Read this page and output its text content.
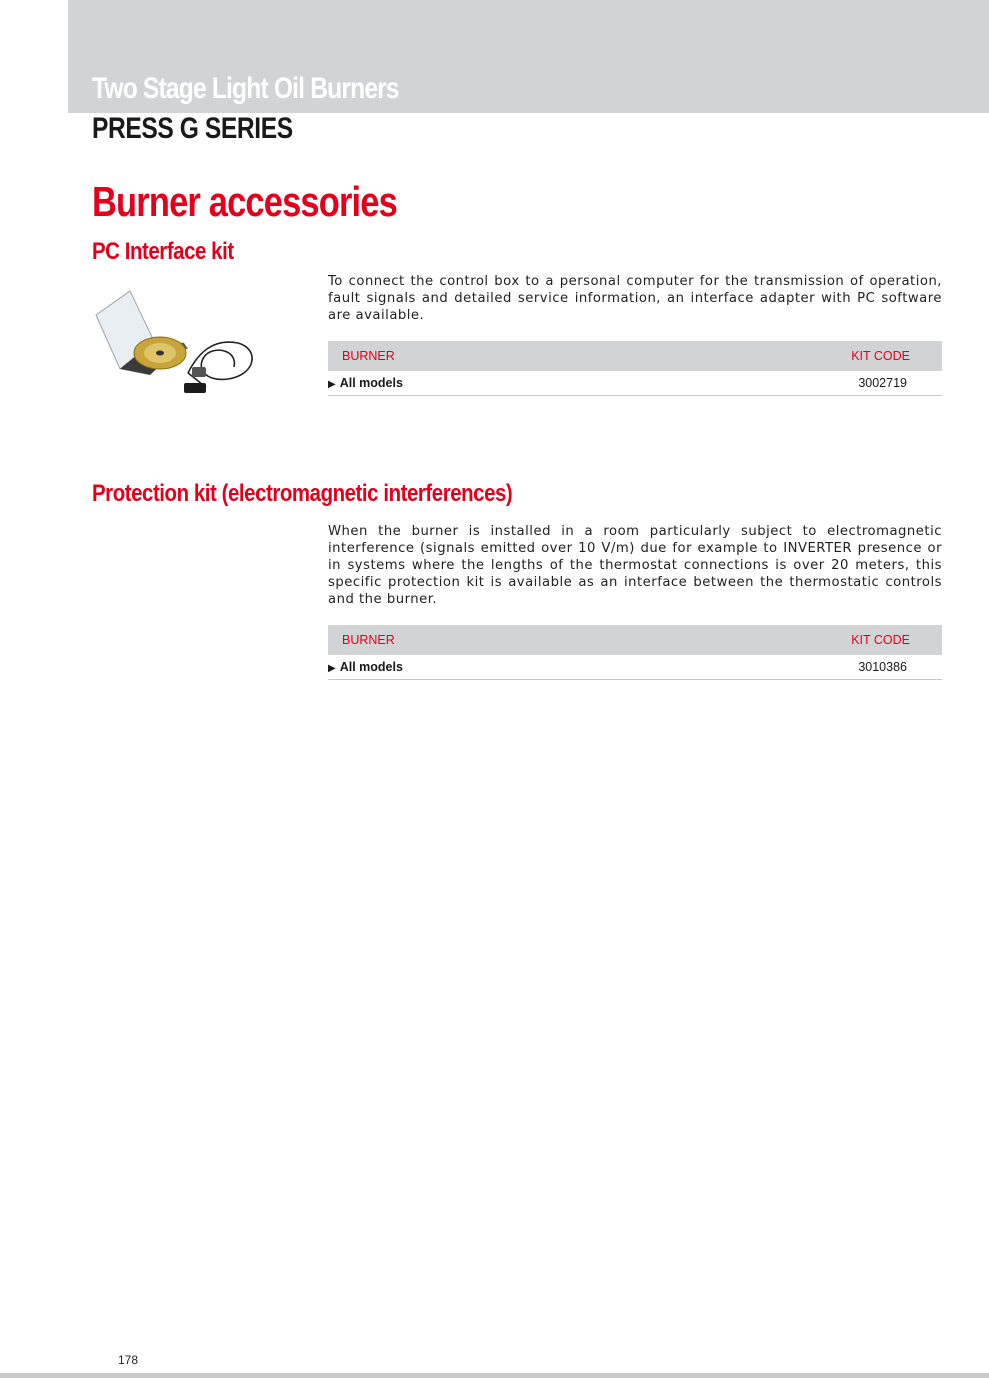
Two Stage Light Oil Burners
PRESS G SERIES
Burner accessories
PC Interface kit
To connect the control box to a personal computer for the transmission of operation, fault signals and detailed service information, an interface adapter with PC software are available.
BURNER	KIT CODE
▶ All models	3002719
Protection kit (electromagnetic interferences)
When the burner is installed in a room particularly subject to electromagnetic interference (signals emitted over 10 V/m) due for example to INVERTER presence or in systems where the lengths of the thermostat connections is over 20 meters, this specific protection kit is available as an interface between the thermostatic controls and the burner.
BURNER	KIT CODE
▶ All models	3010386
178
